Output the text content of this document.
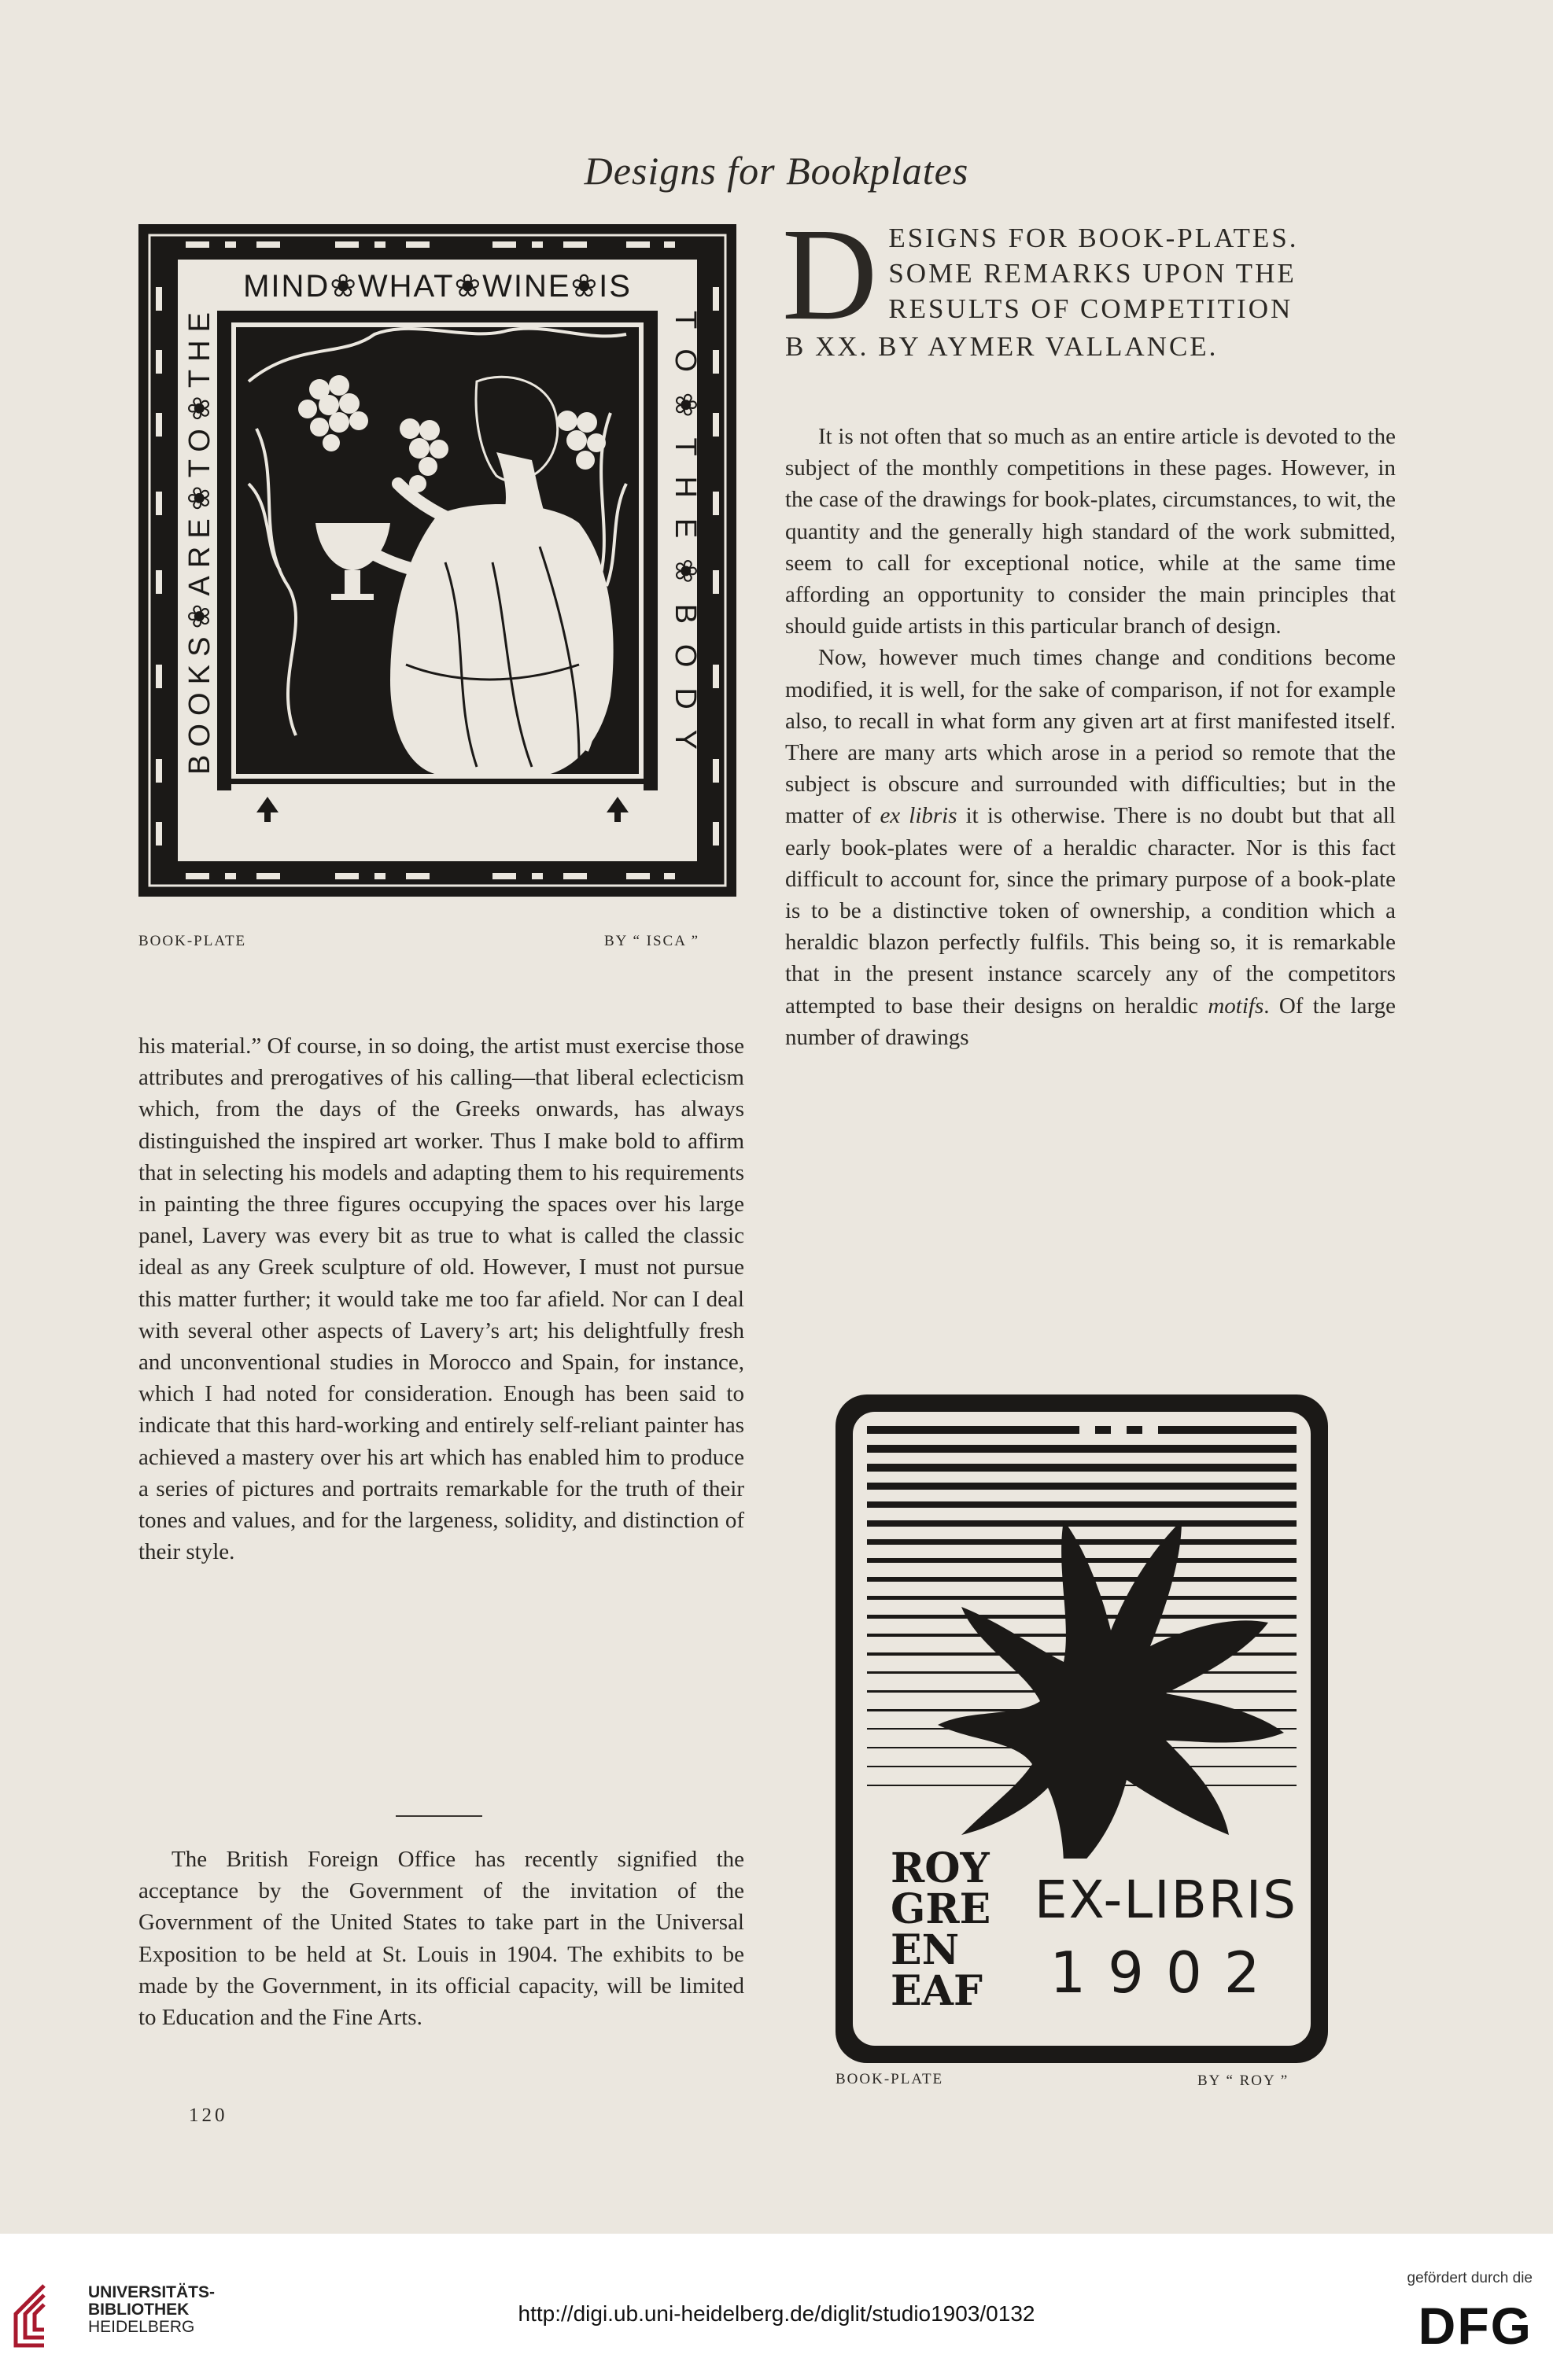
Designs for Bookplates
MIND❀WHAT❀WINE❀IS
TO❀THE❀BODY
BOOKS❀ARE❀TO❀THE
BOOK-PLATE	BY “ ISCA ”
D ESIGNS FOR BOOK-PLATES.
SOME REMARKS UPON THE
RESULTS OF COMPETITION
B XX. BY AYMER VALLANCE.

It is not often that so much as an entire article is devoted to the subject of the monthly competitions in these pages. However, in the case of the drawings for book-plates, circumstances, to wit, the quantity and the generally high standard of the work submitted, seem to call for exceptional notice, while at the same time affording an opportunity to consider the main principles that should guide artists in this particular branch of design.

Now, however much times change and conditions become modified, it is well, for the sake of comparison, if not for example also, to recall in what form any given art at first manifested itself. There are many arts which arose in a period so remote that the subject is obscure and surrounded with difficulties; but in the matter of ex libris it is otherwise. There is no doubt but that all early book-plates were of a heraldic character. Nor is this fact difficult to account for, since the primary purpose of a book-plate is to be a distinctive token of ownership, a condition which a heraldic blazon perfectly fulfils. This being so, it is remarkable that in the present instance scarcely any of the competitors attempted to base their designs on heraldic motifs. Of the large number of drawings

his material.” Of course, in so doing, the artist must exercise those attributes and prerogatives of his calling—that liberal eclecticism which, from the days of the Greeks onwards, has always distinguished the inspired art worker. Thus I make bold to affirm that in selecting his models and adapting them to his requirements in painting the three figures occupying the spaces over his large panel, Lavery was every bit as true to what is called the classic ideal as any Greek sculpture of old. However, I must not pursue this matter further; it would take me too far afield. Nor can I deal with several other aspects of Lavery’s art; his delightfully fresh and unconventional studies in Morocco and Spain, for instance, which I had noted for consideration. Enough has been said to indicate that this hard-working and entirely self-reliant painter has achieved a mastery over his art which has enabled him to produce a series of pictures and portraits remarkable for the truth of their tones and values, and for the largeness, solidity, and distinction of their style.

The British Foreign Office has recently signified the acceptance by the Government of the invitation of the Government of the United States to take part in the Universal Exposition to be held at St. Louis in 1904. The exhibits to be made by the Government, in its official capacity, will be limited to Education and the Fine Arts.

EX-LIBRIS
1902
ROY
GRE
EN
EAF
BOOK-PLATE	BY “ ROY ”
120
UNIVERSITÄTS-
BIBLIOTHEK
HEIDELBERG
http://digi.ub.uni-heidelberg.de/diglit/studio1903/0132
gefördert durch die
DFG
